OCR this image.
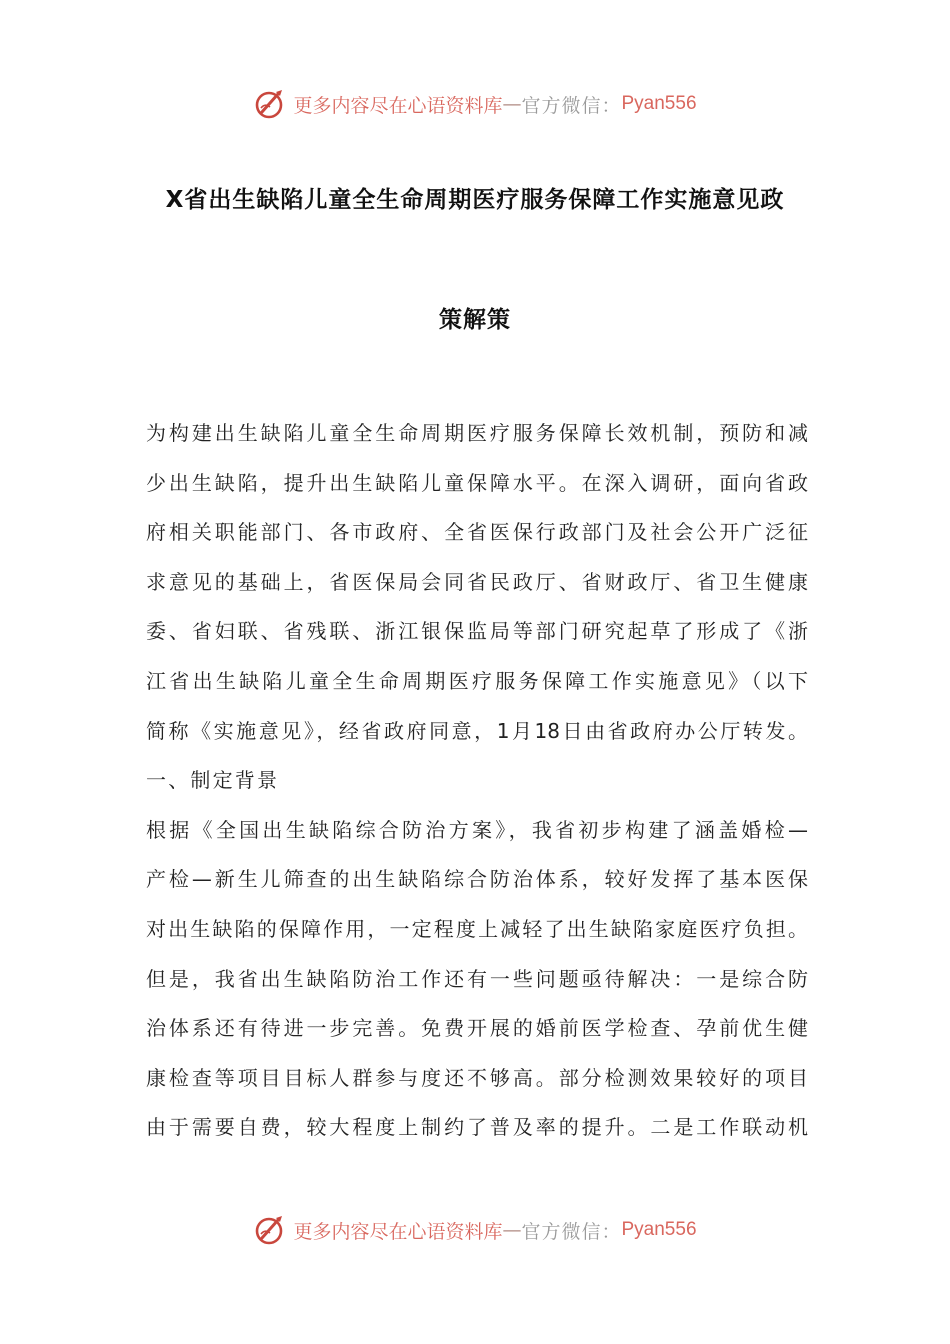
更多内容尽在心语资料库 — 官方微信： Pyan556
X省出生缺陷儿童全生命周期医疗服务保障工作实施意见政
策解策
为构建出生缺陷儿童全生命周期医疗服务保障长效机制，预防和减
少出生缺陷，提升出生缺陷儿童保障水平。在深入调研，面向省政
府相关职能部门、各市政府、全省医保行政部门及社会公开广泛征
求意见的基础上，省医保局会同省民政厅、省财政厅、省卫生健康
委、省妇联、省残联、浙江银保监局等部门研究起草了形成了《浙
江省出生缺陷儿童全生命周期医疗服务保障工作实施意见》（以下
简称《实施意见》，经省政府同意，1月18日由省政府办公厅转发。
一、制定背景
根据《全国出生缺陷综合防治方案》，我省初步构建了涵盖婚检—
产检—新生儿筛查的出生缺陷综合防治体系，较好发挥了基本医保
对出生缺陷的保障作用，一定程度上减轻了出生缺陷家庭医疗负担。
但是，我省出生缺陷防治工作还有一些问题亟待解决：一是综合防
治体系还有待进一步完善。免费开展的婚前医学检查、孕前优生健
康检查等项目目标人群参与度还不够高。部分检测效果较好的项目
由于需要自费，较大程度上制约了普及率的提升。二是工作联动机
更多内容尽在心语资料库 — 官方微信： Pyan556
